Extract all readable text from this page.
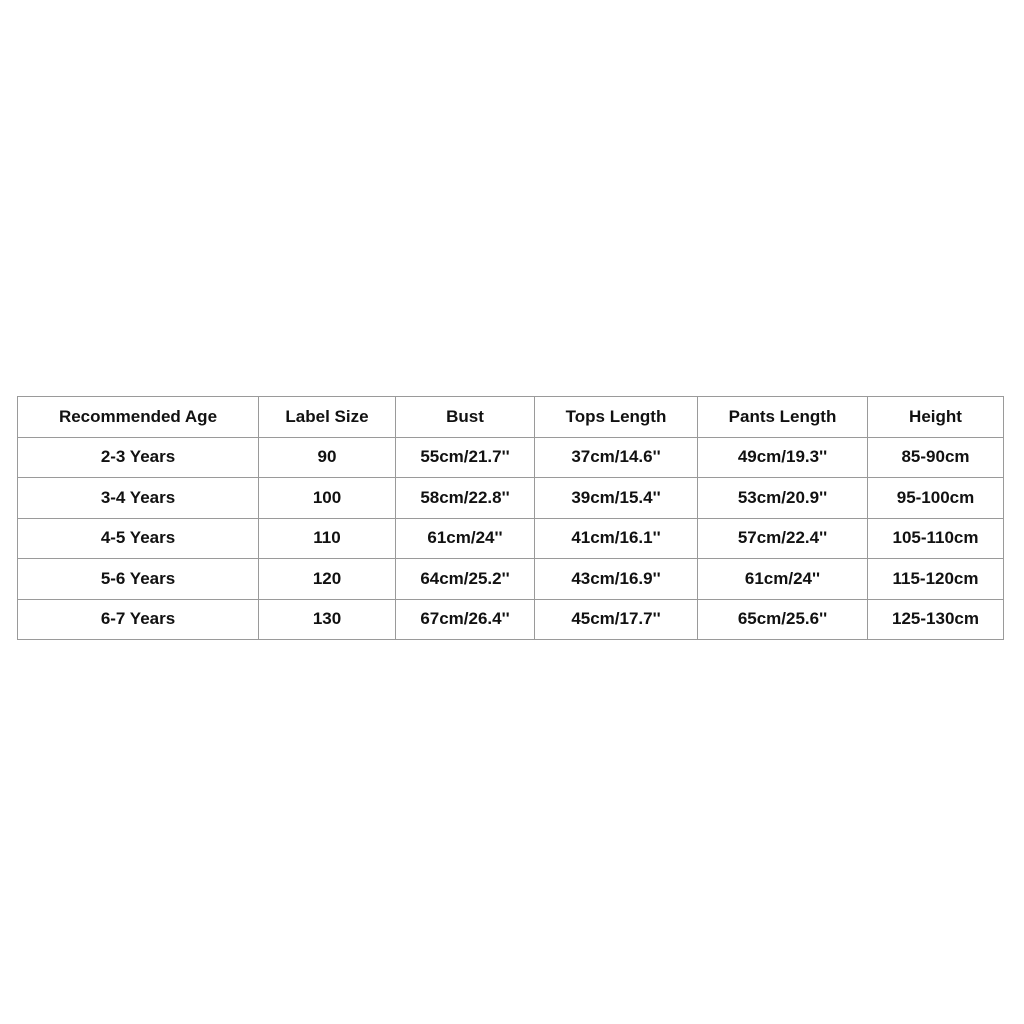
Recommended Age	Label Size	Bust	Tops Length	Pants Length	Height
2-3 Years	90	55cm/21.7''	37cm/14.6''	49cm/19.3''	85-90cm
3-4 Years	100	58cm/22.8''	39cm/15.4''	53cm/20.9''	95-100cm
4-5 Years	110	61cm/24''	41cm/16.1''	57cm/22.4''	105-110cm
5-6 Years	120	64cm/25.2''	43cm/16.9''	61cm/24''	115-120cm
6-7 Years	130	67cm/26.4''	45cm/17.7''	65cm/25.6''	125-130cm
